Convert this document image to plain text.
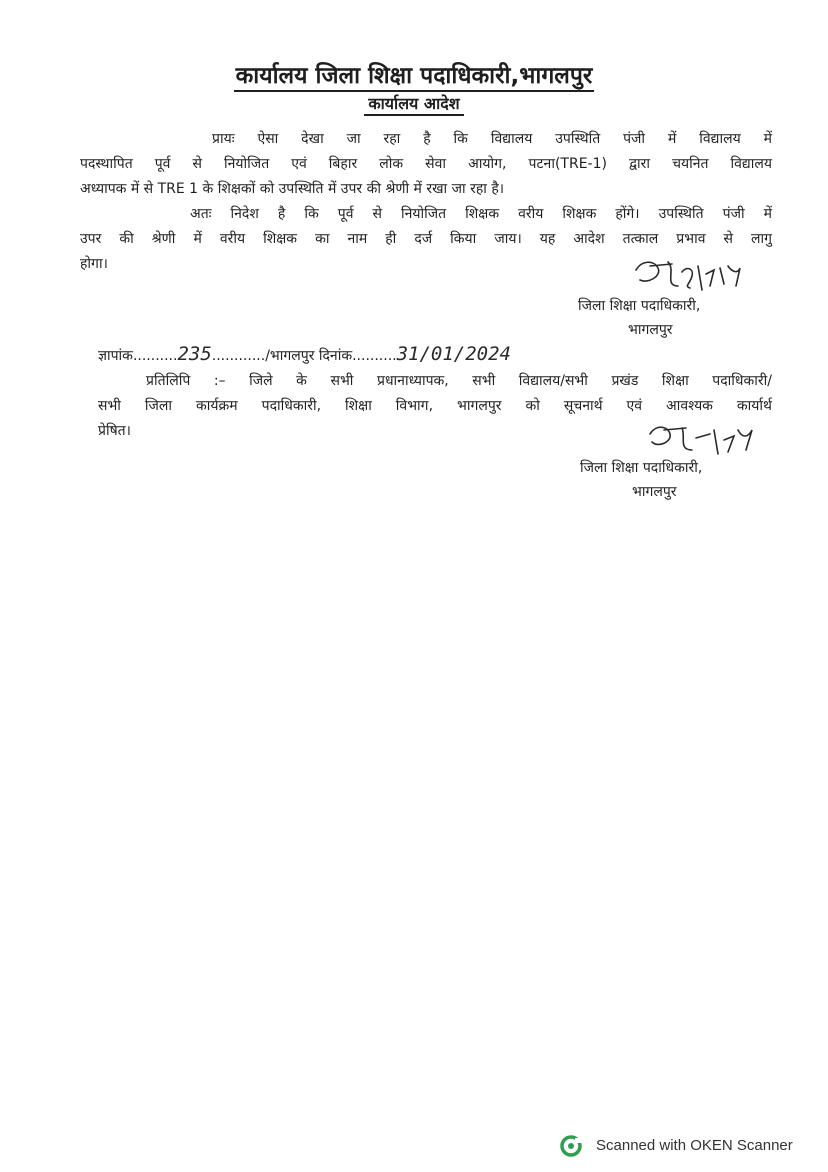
कार्यालय जिला शिक्षा पदाधिकारी,भागलपुर
कार्यालय आदेश
प्रायः ऐसा देखा जा रहा है कि विद्यालय उपस्थिति पंजी में विद्यालय में
पदस्थापित पूर्व से नियोजित एवं बिहार लोक सेवा आयोग, पटना(TRE-1) द्वारा चयनित विद्यालय
अध्यापक में से TRE 1 के शिक्षकों को उपस्थिति में उपर की श्रेणी में रखा जा रहा है।
अतः निदेश है कि पूर्व से नियोजित शिक्षक वरीय शिक्षक होंगे। उपस्थिति पंजी में
उपर की श्रेणी में वरीय शिक्षक का नाम ही दर्ज किया जाय। यह आदेश तत्काल प्रभाव से लागु
होगा।
जिला शिक्षा पदाधिकारी,
भागलपुर
ज्ञापांक..........235............/भागलपुर दिनांक..........31/01/2024
प्रतिलिपि :– जिले के सभी प्रधानाध्यापक, सभी विद्यालय/सभी प्रखंड शिक्षा पदाधिकारी/
सभी जिला कार्यक्रम पदाधिकारी, शिक्षा विभाग, भागलपुर को सूचनार्थ एवं आवश्यक कार्यार्थ
प्रेषित।
जिला शिक्षा पदाधिकारी,
भागलपुर
Scanned with OKEN Scanner
